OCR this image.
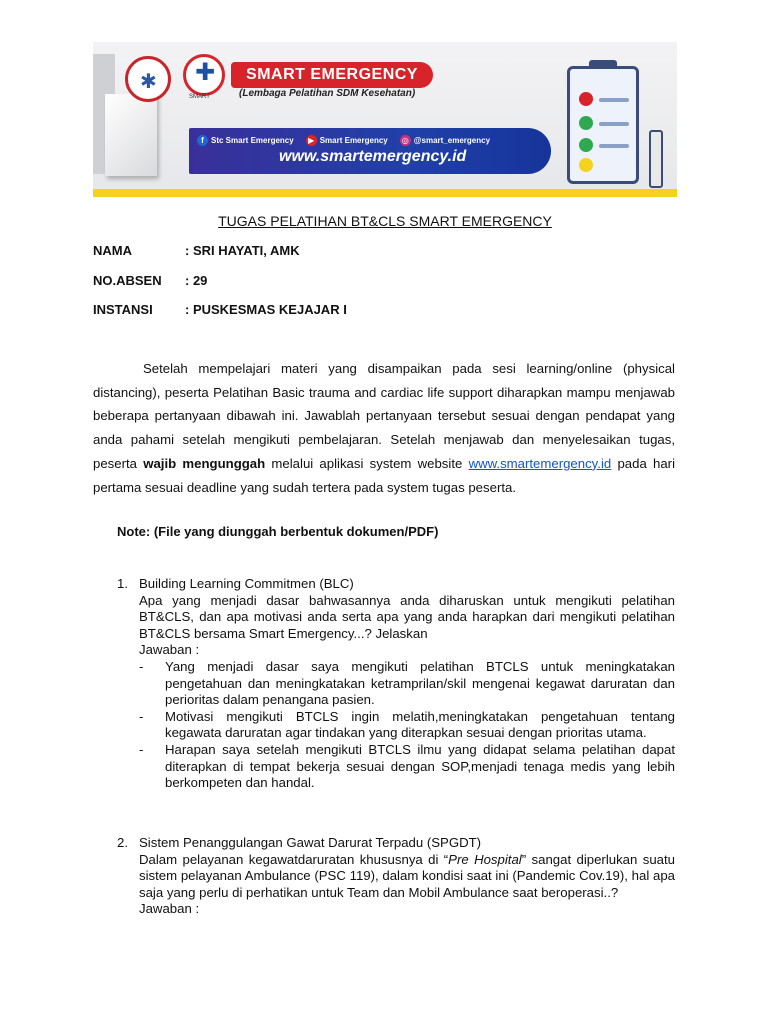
✱ ✚
SMART
SMART EMERGENCY
(Lembaga Pelatihan SDM Kesehatan)
f Stc Smart Emergency	▶ Smart Emergency ◎ @smart_emergency
www.smartemergency.id
TUGAS PELATIHAN BT&CLS SMART EMERGENCY
NAMA	: SRI HAYATI, AMK
NO.ABSEN : 29
INSTANSI : PUSKESMAS KEJAJAR I
Setelah mempelajari materi yang disampaikan pada sesi learning/online (physical distancing), peserta Pelatihan Basic trauma and cardiac life support diharapkan mampu menjawab beberapa pertanyaan dibawah ini. Jawablah pertanyaan tersebut sesuai dengan pendapat yang anda pahami setelah mengikuti pembelajaran. Setelah menjawab dan menyelesaikan tugas, peserta wajib mengunggah melalui aplikasi system website www.smartemergency.id pada hari pertama sesuai deadline yang sudah tertera pada system tugas peserta.
Note: (File yang diunggah berbentuk dokumen/PDF)
1. Building Learning Commitmen (BLC)
Apa yang menjadi dasar bahwasannya anda diharuskan untuk mengikuti pelatihan BT&CLS, dan apa motivasi anda serta apa yang anda harapkan dari mengikuti pelatihan BT&CLS bersama Smart Emergency...? Jelaskan
Jawaban :
- Yang menjadi dasar saya mengikuti pelatihan BTCLS untuk meningkatakan pengetahuan dan meningkatakan ketramprilan/skil mengenai kegawat daruratan dan perioritas dalam penangana pasien.
- Motivasi mengikuti BTCLS ingin melatih,meningkatakan pengetahuan tentang kegawata daruratan agar tindakan yang diterapkan sesuai dengan prioritas utama.
- Harapan saya setelah mengikuti BTCLS ilmu yang didapat selama pelatihan dapat diterapkan di tempat bekerja sesuai dengan SOP,menjadi tenaga medis yang lebih berkompeten dan handal.
2. Sistem Penanggulangan Gawat Darurat Terpadu (SPGDT)
Dalam pelayanan kegawatdaruratan khususnya di “Pre Hospital” sangat diperlukan suatu sistem pelayanan Ambulance (PSC 119), dalam kondisi saat ini (Pandemic Cov.19), hal apa saja yang perlu di perhatikan untuk Team dan Mobil Ambulance saat beroperasi..?
Jawaban :
